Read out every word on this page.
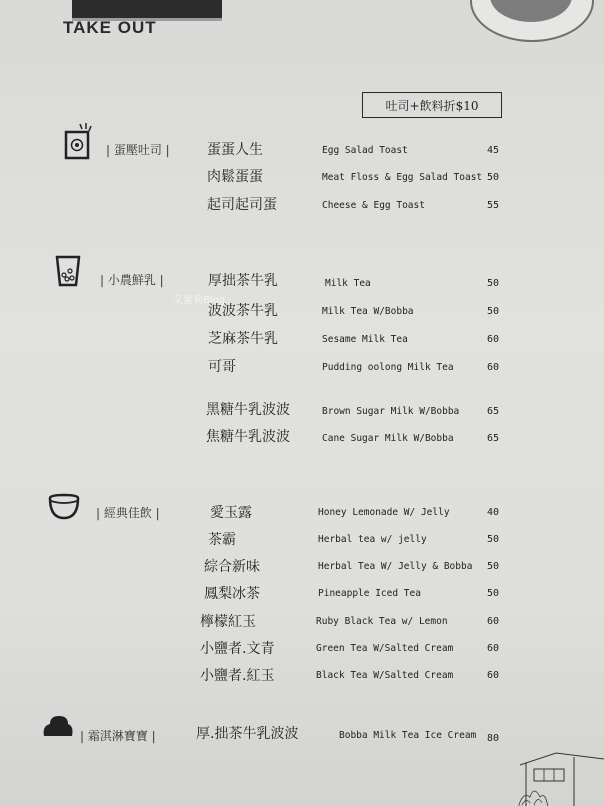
TAKE OUT
吐司+飲料折$10
| 蛋壓吐司 |	蛋蛋人生	Egg Salad Toast	45
肉鬆蛋蛋	Meat Floss & Egg Salad Toast 50
起司起司蛋	Cheese & Egg Toast	55
| 小農鮮乳 |	厚拙茶牛乳	Milk Tea	50
波波茶牛乳	Milk Tea W/Bobba	50
芝麻茶牛乳	Sesame Milk Tea	60
可哥	Pudding oolong Milk Tea	60
黑糖牛乳波波	Brown Sugar Milk W/Bobba	65
焦糖牛乳波波	Cane Sugar Milk W/Bobba	65
| 經典佳飲 |	愛玉露	Honey Lemonade W/ Jelly	40
茶霸	Herbal tea w/ jelly	50
綜合新味	Herbal Tea W/ Jelly & Bobba 50
鳳梨冰茶	Pineapple Iced Tea	50
檸檬紅玉	Ruby Black Tea w/ Lemon	60
小鹽者.文青	Green Tea W/Salted Cream	60
小鹽者.紅玉	Black Tea W/Salted Cream	60
| 霜淇淋寶寶 |	厚.拙茶牛乳波波	Bobba Milk Tea Ice Cream 80
艾蜜莉Blog
